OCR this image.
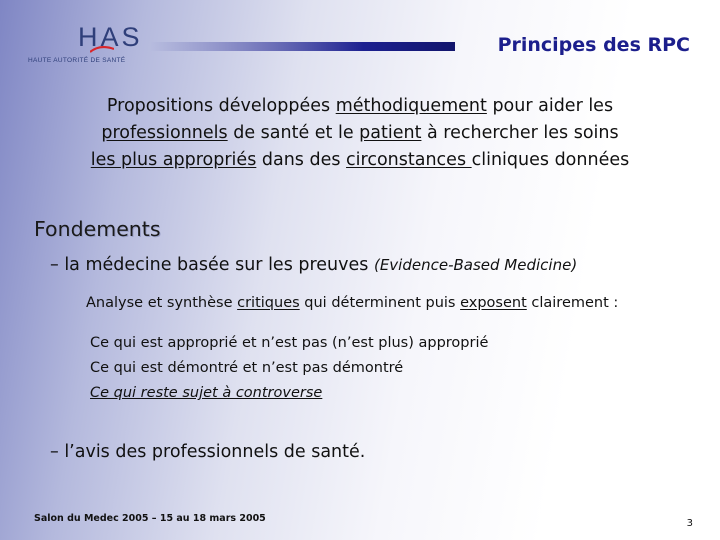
HAS
HAUTE AUTORITÉ DE SANTÉ
Principes des RPC
Propositions développées méthodiquement pour aider les
professionnels de santé et le patient à rechercher les soins
les plus appropriés dans des circonstances cliniques données
Fondements
– la médecine basée sur les preuves (Evidence-Based Medicine)
Analyse et synthèse critiques qui déterminent puis exposent clairement :
Ce qui est approprié et n’est pas (n’est plus) approprié
Ce qui est démontré et n’est pas démontré
Ce qui reste sujet à controverse
– l’avis des professionnels de santé.
Salon du Medec 2005 – 15 au 18 mars 2005	3
